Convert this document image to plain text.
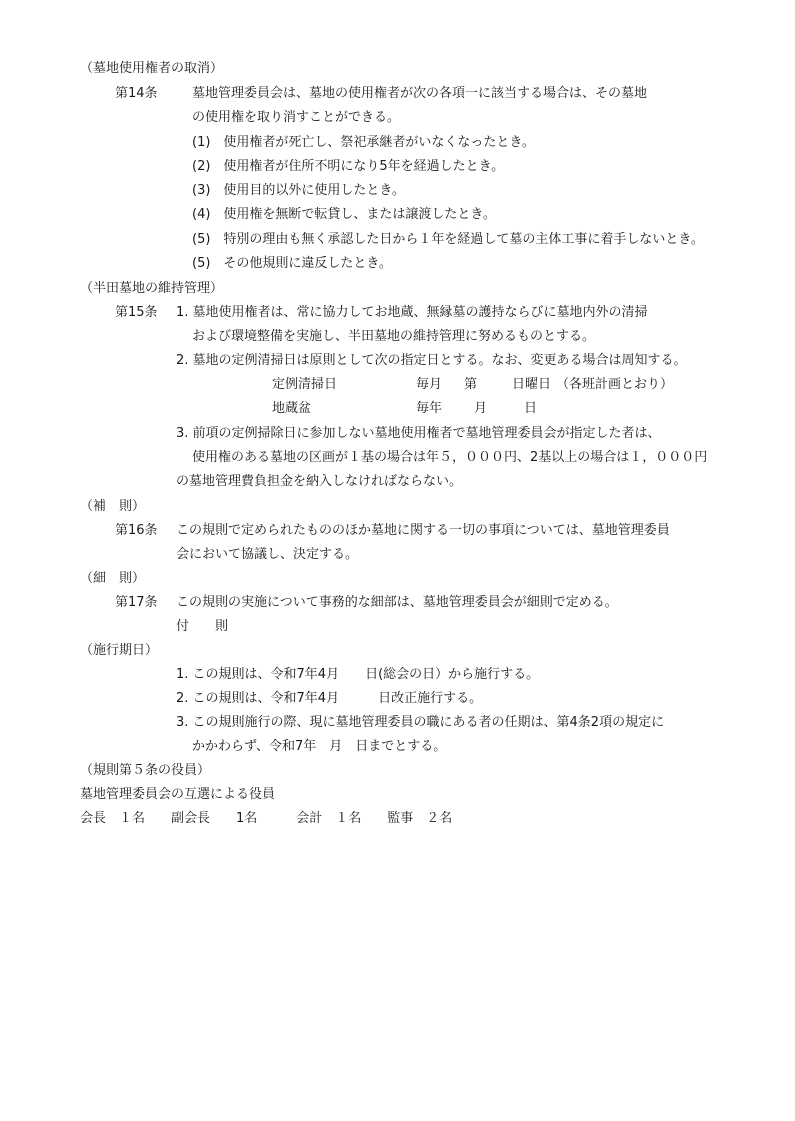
（墓地使用権者の取消）
第14条	墓地管理委員会は、墓地の使用権者が次の各項一に該当する場合は、その墓地
の使用権を取り消すことができる。
(1)　使用権者が死亡し、祭祀承継者がいなくなったとき。
(2)　使用権者が住所不明になり5年を経過したとき。
(3)　使用目的以外に使用したとき。
(4)　使用権を無断で転貸し、または譲渡したとき。
(5)　特別の理由も無く承認した日から１年を経過して墓の主体工事に着手しないとき。
(5)　その他規則に違反したとき。
（半田墓地の維持管理）
第15条 1. 墓地使用権者は、常に協力してお地蔵、無縁墓の護持ならびに墓地内外の清掃
および環境整備を実施し、半田墓地の維持管理に努めるものとする。
2. 墓地の定例清掃日は原則として次の指定日とする。なお、変更ある場合は周知する。
定例清掃日	毎月 第	日曜日 （各班計画とおり）
地蔵盆	毎年 月	日
3. 前項の定例掃除日に参加しない墓地使用権者で墓地管理委員会が指定した者は、
使用権のある墓地の区画が１基の場合は年５，０００円、2基以上の場合は１，０００円
の墓地管理費負担金を納入しなければならない。
（補　則）
第16条 この規則で定められたもののほか墓地に関する一切の事項については、墓地管理委員
会において協議し、決定する。
（細　則）
第17条 この規則の実施について事務的な細部は、墓地管理委員会が細則で定める。
付　　則
（施行期日）
1. この規則は、令和7年4月　　日(総会の日）から施行する。
2. この規則は、令和7年4月　　　日改正施行する。
3. この規則施行の際、現に墓地管理委員の職にある者の任期は、第4条2項の規定に
かかわらず、令和7年　月　日までとする。
（規則第５条の役員）
墓地管理委員会の互選による役員
会長　１名　　副会長　　1名　　　会計　１名　　監事　２名
